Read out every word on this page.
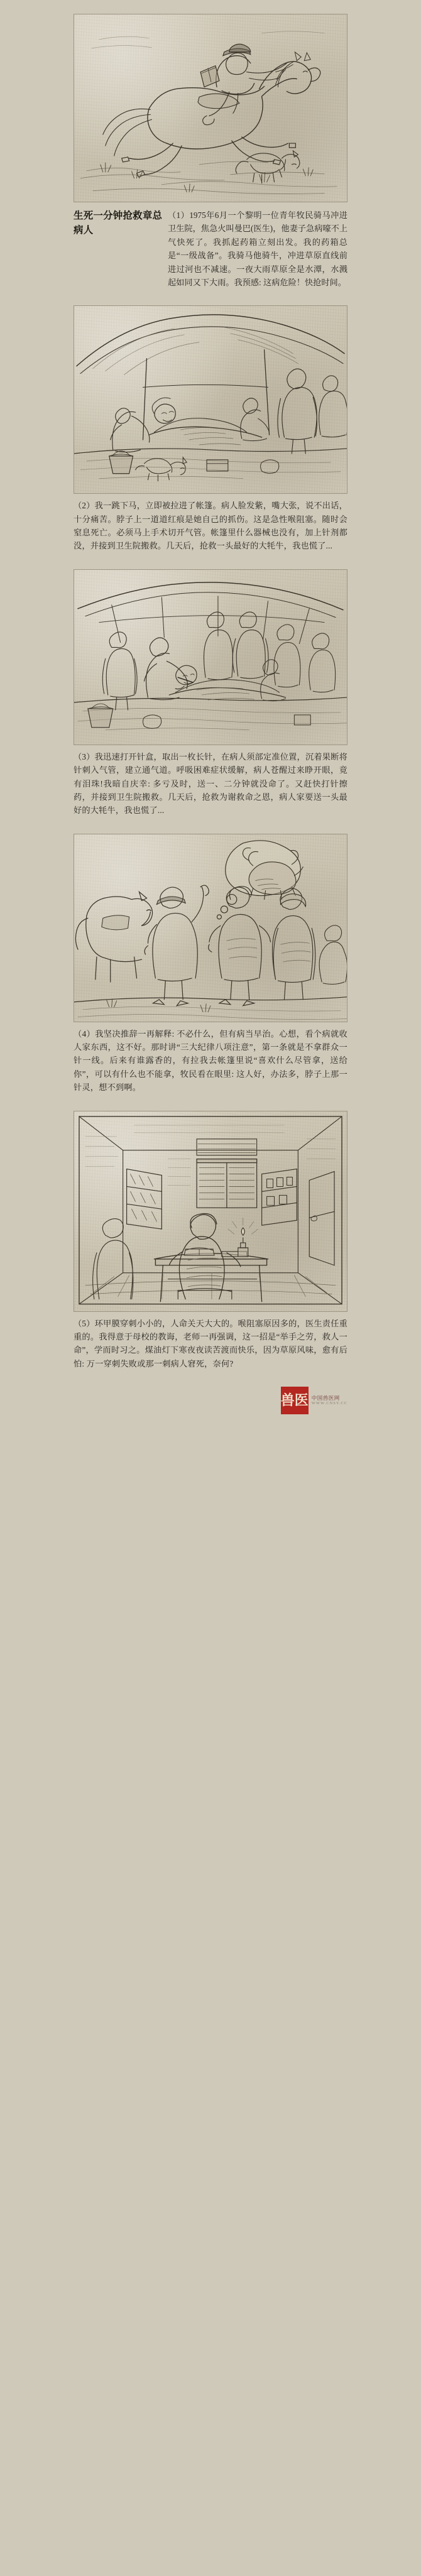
生死一分钟抢救章总病人
（1）1975年6月一个黎明一位青年牧民骑马冲进卫生院，焦急火叫曼巴(医生)，他妻子急病嚎不上气快死了。我抓起药箱立刻出发。我的药箱总是“一级战备”。我骑马他骑牛，冲进草原直线前进过河也不减速。一夜大雨草原全是水潭，水溅起如同又下大雨。我预感: 这病危险！快抢时间。
（2）我一跳下马，立即被拉进了帐篷。病人脸发紫，嘴大张，说不出话，十分痛苦。脖子上一道道红痕是她自己的抓伤。这是急性喉阻塞。随时会窒息死亡。必须马上手术切开气管。帐篷里什么器械也没有，加上针剂都没，并接到卫生院搬救。几天后，抢救一头最好的大牦牛，我也慌了...
（3）我迅速打开针盒，取出一枚长针，在病人须部定准位置，沉着果断将针刺入气管，建立通气道。呼吸困难症状缓解，病人苍醒过来睁开眼，竟有泪珠!我暗自庆幸: 多亏及时，送一、二分钟就没命了。又赶快打针擦药，并接到卫生院搬救。几天后，抢救为谢救命之恩，病人家要送一头最好的大牦牛，我也慌了...
（4）我坚决推辞一再解释: 不必什么，但有病当早治。心想，看个病就收人家东西，这不好。那时讲“三大纪律八项注意”，第一条就是不拿群众一针一线。后来有谁露香的，有拉我去帐篷里说“喜欢什么尽管拿，送给你”，可以有什么也不能拿，牧民看在眼里: 这人好，办法多，脖子上那一针灵，想不到啊。
（5）环甲膜穿刺小小的，人命关天大大的。喉阻塞原因多的，医生责任重重的。我得意于母校的教诲，老师一再强调，这一招是“举手之劳，救人一命”，学而时习之。煤油灯下寒夜夜读苦渡而快乐，因为草原风味，愈有后怕: 万一穿刺失败或那一刺病人窘死，奈何?
兽医 中国兽医网
WWW.CNSY.CC
